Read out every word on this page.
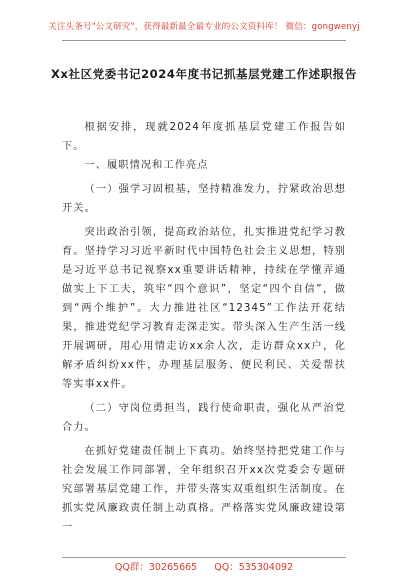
关注头条号"公文研究"，获得最新最全最专业的公文资料库！ 微信：gongwenyj
Xx社区党委书记2024年度书记抓基层党建工作述职报告

根据安排，现就2024年度抓基层党建工作报告如下。

一、履职情况和工作亮点

（一）强学习固根基，坚持精准发力，拧紧政治思想开关。

突出政治引领，提高政治站位，扎实推进党纪学习教育。坚持学习习近平新时代中国特色社会主义思想，特别是习近平总书记视察xx重要讲话精神，持续在学懂弄通做实上下工夫，筑牢“四个意识”，坚定“四个自信”，做到“两个维护”。大力推进社区“12345”工作法开花结果，推进党纪学习教育走深走实。带头深入生产生活一线开展调研，用心用情走访xx余人次，走访群众xx户，化解矛盾纠纷xx件，办理基层服务、便民利民、关爱帮扶等实事xx件。

（二）守岗位勇担当，践行使命职责，强化从严治党合力。

在抓好党建责任制上下真功。始终坚持把党建工作与社会发展工作同部署，全年组织召开xx次党委会专题研究部署基层党建工作，并带头落实双重组织生活制度。在抓实党风廉政责任制上动真格。严格落实党风廉政建设第一

QQ群：30265665 QQ：535304092
